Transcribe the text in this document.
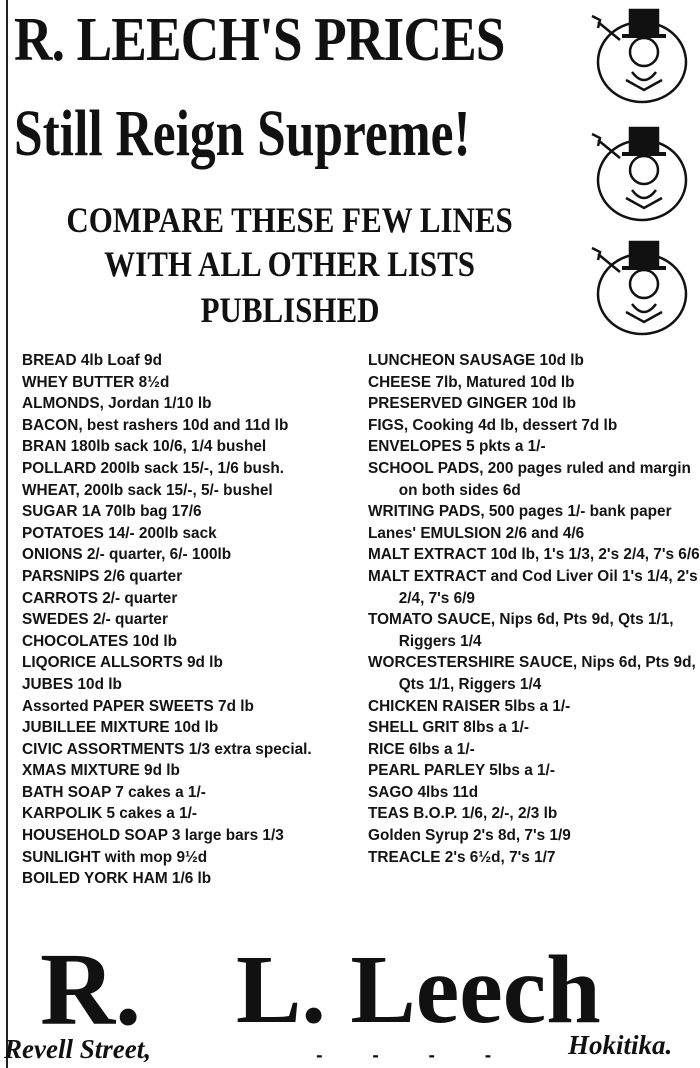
R. LEECH'S PRICES
Still Reign Supreme!
COMPARE THESE FEW LINES
WITH ALL OTHER LISTS
PUBLISHED
BREAD 4lb Loaf 9d
WHEY BUTTER 8½d
ALMONDS, Jordan 1/10 lb
BACON, best rashers 10d and 11d lb
BRAN 180lb sack 10/6, 1/4 bushel
POLLARD 200lb sack 15/-, 1/6 bush.
WHEAT, 200lb sack 15/-, 5/- bushel
SUGAR 1A 70lb bag 17/6
POTATOES 14/- 200lb sack
ONIONS 2/- quarter, 6/- 100lb
PARSNIPS 2/6 quarter
CARROTS 2/- quarter
SWEDES 2/- quarter
CHOCOLATES 10d lb
LIQORICE ALLSORTS 9d lb
JUBES 10d lb
Assorted PAPER SWEETS 7d lb
JUBILLEE MIXTURE 10d lb
CIVIC ASSORTMENTS 1/3 extra special.
XMAS MIXTURE 9d lb
BATH SOAP 7 cakes a 1/-
KARPOLIK 5 cakes a 1/-
HOUSEHOLD SOAP 3 large bars 1/3
SUNLIGHT with mop 9½d
BOILED YORK HAM 1/6 lb
LUNCHEON SAUSAGE 10d lb
CHEESE 7lb, Matured 10d lb
PRESERVED GINGER 10d lb
FIGS, Cooking 4d lb, dessert 7d lb
ENVELOPES 5 pkts a 1/-
SCHOOL PADS, 200 pages ruled and margin on both sides 6d
WRITING PADS, 500 pages 1/- bank paper
Lanes' EMULSION 2/6 and 4/6
MALT EXTRACT 10d lb, 1's 1/3, 2's 2/4, 7's 6/6
MALT EXTRACT and Cod Liver Oil 1's 1/4, 2's 2/4, 7's 6/9
TOMATO SAUCE, Nips 6d, Pts 9d, Qts 1/1, Riggers 1/4
WORCESTERSHIRE SAUCE, Nips 6d, Pts 9d, Qts 1/1, Riggers 1/4
CHICKEN RAISER 5lbs a 1/-
SHELL GRIT 8lbs a 1/-
RICE 6lbs a 1/-
PEARL PARLEY 5lbs a 1/-
SAGO 4lbs 11d
TEAS B.O.P. 1/6, 2/-, 2/3 lb
Golden Syrup 2's 8d, 7's 1/9
TREACLE 2's 6½d, 7's 1/7
R. L. Leech
Revell Street,	- - - - Hokitika.
